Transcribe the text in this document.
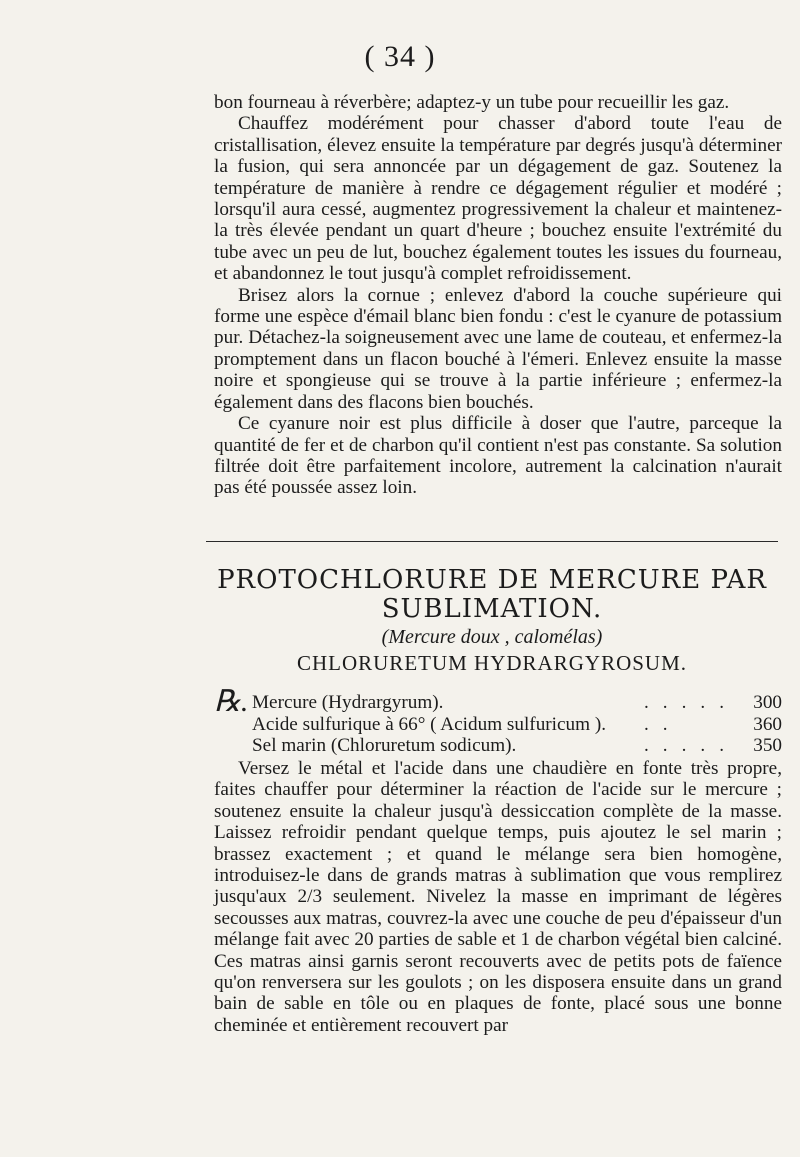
( 34 )

bon fourneau à réverbère; adaptez-y un tube pour recueillir les gaz.

Chauffez modérément pour chasser d'abord toute l'eau de cristallisation, élevez ensuite la température par degrés jusqu'à déterminer la fusion, qui sera annoncée par un dégagement de gaz. Soutenez la température de manière à rendre ce dégagement régulier et modéré ; lorsqu'il aura cessé, augmentez progressivement la chaleur et maintenez-la très élevée pendant un quart d'heure ; bouchez ensuite l'extrémité du tube avec un peu de lut, bouchez également toutes les issues du fourneau, et abandonnez le tout jusqu'à complet refroidissement.

Brisez alors la cornue ; enlevez d'abord la couche supérieure qui forme une espèce d'émail blanc bien fondu : c'est le cyanure de potassium pur. Détachez-la soigneusement avec une lame de couteau, et enfermez-la promptement dans un flacon bouché à l'émeri. Enlevez ensuite la masse noire et spongieuse qui se trouve à la partie inférieure ; enfermez-la également dans des flacons bien bouchés.

Ce cyanure noir est plus difficile à doser que l'autre, parceque la quantité de fer et de charbon qu'il contient n'est pas constante. Sa solution filtrée doit être parfaitement incolore, autrement la calcination n'aurait pas été poussée assez loin.

PROTOCHLORURE DE MERCURE PAR
SUBLIMATION.
(Mercure doux , calomélas)
CHLORURETUM HYDRARGYROSUM.
℞. Mercure (Hydrargyrum).	..... 300
Acide sulfurique à 66° ( Acidum sulfuricum ). ..	360
Sel marin (Chloruretum sodicum).	..... 350

Versez le métal et l'acide dans une chaudière en fonte très propre, faites chauffer pour déterminer la réaction de l'acide sur le mercure ; soutenez ensuite la chaleur jusqu'à dessiccation complète de la masse. Laissez refroidir pendant quelque temps, puis ajoutez le sel marin ; brassez exactement ; et quand le mélange sera bien homogène, introduisez-le dans de grands matras à sublimation que vous remplirez jusqu'aux 2/3 seulement. Nivelez la masse en imprimant de légères secousses aux matras, couvrez-la avec une couche de peu d'épaisseur d'un mélange fait avec 20 parties de sable et 1 de charbon végétal bien calciné. Ces matras ainsi garnis seront recouverts avec de petits pots de faïence qu'on renversera sur les goulots ; on les disposera ensuite dans un grand bain de sable en tôle ou en plaques de fonte, placé sous une bonne cheminée et entièrement recouvert par
